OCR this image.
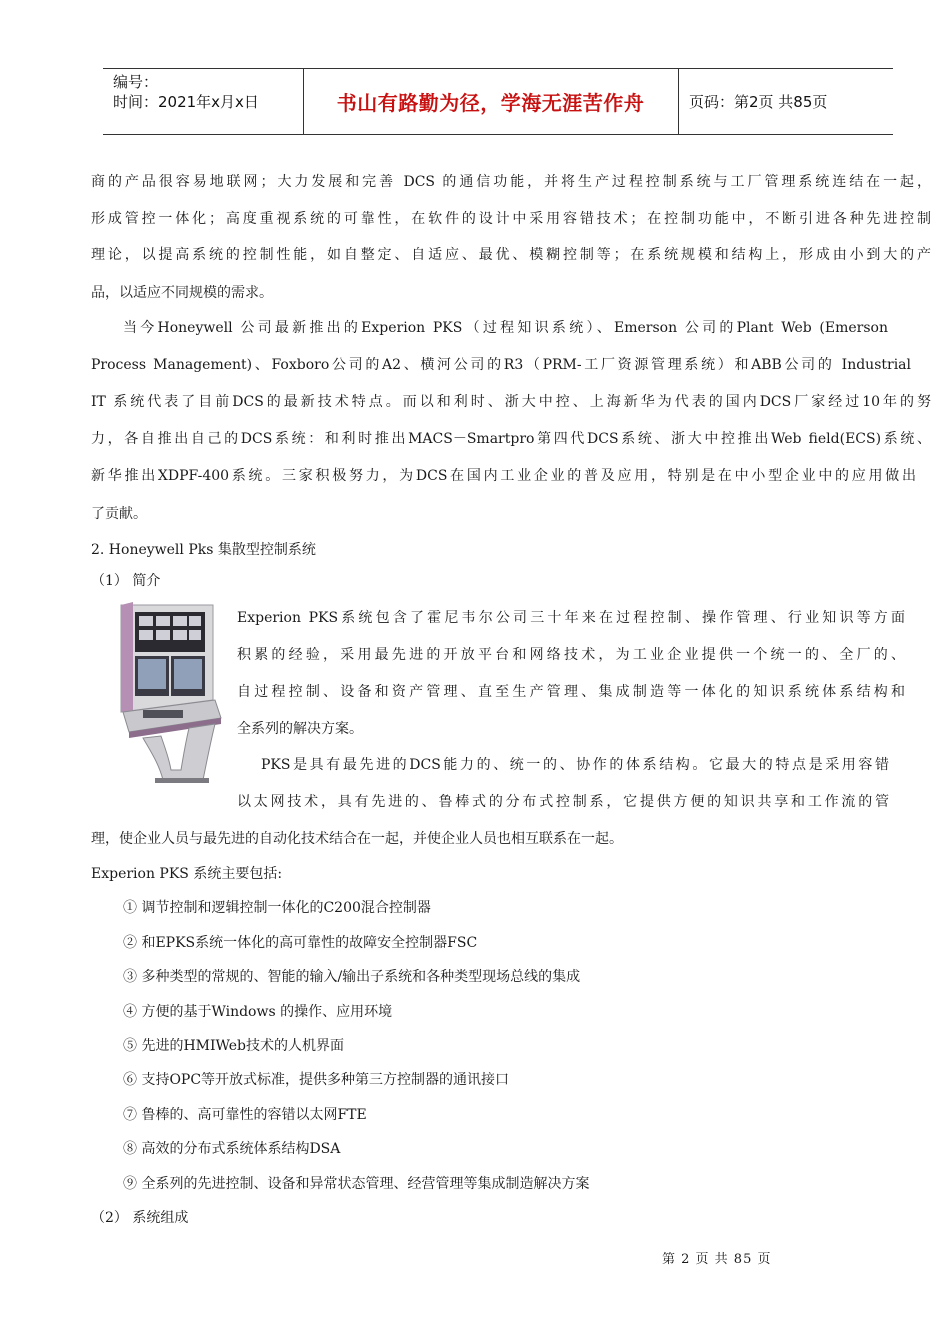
编号：
时间：2021年x月x日	书山有路勤为径，学海无涯苦作舟	页码：第2页 共85页
商的产品很容易地联网；大力发展和完善 DCS 的通信功能，并将生产过程控制系统与工厂管理系统连结在一起，
形成管控一体化；高度重视系统的可靠性，在软件的设计中采用容错技术；在控制功能中，不断引进各种先进控制
理论，以提高系统的控制性能，如自整定、自适应、最优、模糊控制等；在系统规模和结构上，形成由小到大的产
品，以适应不同规模的需求。
当今Honeywell 公司最新推出的Experion PKS（过程知识系统）、Emerson 公司的Plant Web (Emerson
Process Management)、Foxboro公司的A2、横河公司的R3（PRM-工厂资源管理系统）和ABB公司的 Industrial
IT 系统代表了目前DCS的最新技术特点。而以和利时、浙大中控、上海新华为代表的国内DCS厂家经过10年的努
力，各自推出自己的DCS系统：和利时推出MACS－Smartpro第四代DCS系统、浙大中控推出Web field(ECS)系统、
新华推出XDPF-400系统。三家积极努力，为DCS在国内工业企业的普及应用，特别是在中小型企业中的应用做出
了贡献。
2. Honeywell Pks 集散型控制系统
（1） 简介
Experion PKS系统包含了霍尼韦尔公司三十年来在过程控制、操作管理、行业知识等方面
积累的经验，采用最先进的开放平台和网络技术，为工业企业提供一个统一的、全厂的、
自过程控制、设备和资产管理、直至生产管理、集成制造等一体化的知识系统体系结构和
全系列的解决方案。
PKS是具有最先进的DCS能力的、统一的、协作的体系结构。它最大的特点是采用容错
以太网技术，具有先进的、鲁棒式的分布式控制系，它提供方便的知识共享和工作流的管
理，使企业人员与最先进的自动化技术结合在一起，并使企业人员也相互联系在一起。
Experion PKS 系统主要包括:
① 调节控制和逻辑控制一体化的C200混合控制器
② 和EPKS系统一体化的高可靠性的故障安全控制器FSC
③ 多种类型的常规的、智能的输入/输出子系统和各种类型现场总线的集成
④ 方便的基于Windows 的操作、应用环境
⑤ 先进的HMIWeb技术的人机界面
⑥ 支持OPC等开放式标准，提供多种第三方控制器的通讯接口
⑦ 鲁棒的、高可靠性的容错以太网FTE
⑧ 高效的分布式系统体系结构DSA
⑨ 全系列的先进控制、设备和异常状态管理、经营管理等集成制造解决方案
（2） 系统组成
第 2 页 共 85 页
